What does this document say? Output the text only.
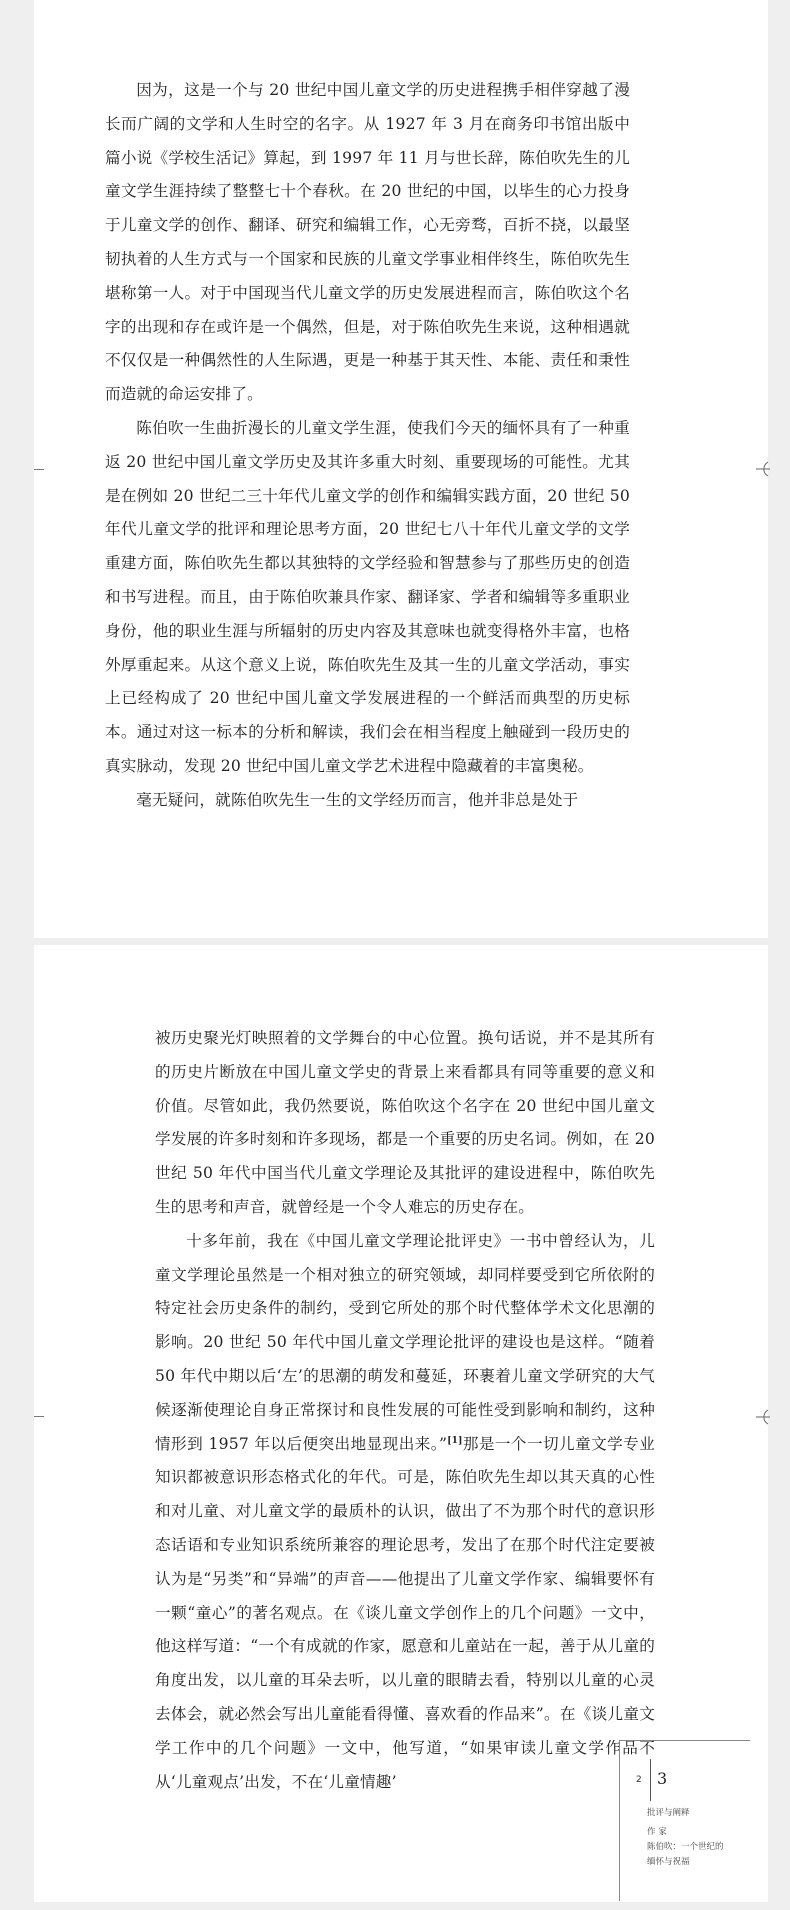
因为，这是一个与 20 世纪中国儿童文学的历史进程携手相伴穿越了漫长而广阔的文学和人生时空的名字。从 1927 年 3 月在商务印书馆出版中篇小说《学校生活记》算起，到 1997 年 11 月与世长辞，陈伯吹先生的儿童文学生涯持续了整整七十个春秋。在 20 世纪的中国，以毕生的心力投身于儿童文学的创作、翻译、研究和编辑工作，心无旁骛，百折不挠，以最坚韧执着的人生方式与一个国家和民族的儿童文学事业相伴终生，陈伯吹先生堪称第一人。对于中国现当代儿童文学的历史发展进程而言，陈伯吹这个名字的出现和存在或许是一个偶然，但是，对于陈伯吹先生来说，这种相遇就不仅仅是一种偶然性的人生际遇，更是一种基于其天性、本能、责任和秉性而造就的命运安排了。

陈伯吹一生曲折漫长的儿童文学生涯，使我们今天的缅怀具有了一种重返 20 世纪中国儿童文学历史及其许多重大时刻、重要现场的可能性。尤其是在例如 20 世纪二三十年代儿童文学的创作和编辑实践方面，20 世纪 50 年代儿童文学的批评和理论思考方面，20 世纪七八十年代儿童文学的文学重建方面，陈伯吹先生都以其独特的文学经验和智慧参与了那些历史的创造和书写进程。而且，由于陈伯吹兼具作家、翻译家、学者和编辑等多重职业身份，他的职业生涯与所辐射的历史内容及其意味也就变得格外丰富，也格外厚重起来。从这个意义上说，陈伯吹先生及其一生的儿童文学活动，事实上已经构成了 20 世纪中国儿童文学发展进程的一个鲜活而典型的历史标本。通过对这一标本的分析和解读，我们会在相当程度上触碰到一段历史的真实脉动，发现 20 世纪中国儿童文学艺术进程中隐藏着的丰富奥秘。

毫无疑问，就陈伯吹先生一生的文学经历而言，他并非总是处于

被历史聚光灯映照着的文学舞台的中心位置。换句话说，并不是其所有的历史片断放在中国儿童文学史的背景上来看都具有同等重要的意义和价值。尽管如此，我仍然要说，陈伯吹这个名字在 20 世纪中国儿童文学发展的许多时刻和许多现场，都是一个重要的历史名词。例如，在 20 世纪 50 年代中国当代儿童文学理论及其批评的建设进程中，陈伯吹先生的思考和声音，就曾经是一个令人难忘的历史存在。

十多年前，我在《中国儿童文学理论批评史》一书中曾经认为，儿童文学理论虽然是一个相对独立的研究领域，却同样要受到它所依附的特定社会历史条件的制约，受到它所处的那个时代整体学术文化思潮的影响。20 世纪 50 年代中国儿童文学理论批评的建设也是这样。“随着 50 年代中期以后‘左’的思潮的萌发和蔓延，环裹着儿童文学研究的大气候逐渐使理论自身正常探讨和良性发展的可能性受到影响和制约，这种情形到 1957 年以后便突出地显现出来。”[1]那是一个一切儿童文学专业知识都被意识形态格式化的年代。可是，陈伯吹先生却以其天真的心性和对儿童、对儿童文学的最质朴的认识，做出了不为那个时代的意识形态话语和专业知识系统所兼容的理论思考，发出了在那个时代注定要被认为是“另类”和“异端”的声音——他提出了儿童文学作家、编辑要怀有一颗“童心”的著名观点。在《谈儿童文学创作上的几个问题》一文中，他这样写道：“一个有成就的作家，愿意和儿童站在一起，善于从儿童的角度出发，以儿童的耳朵去听，以儿童的眼睛去看，特别以儿童的心灵去体会，就必然会写出儿童能看得懂、喜欢看的作品来”。在《谈儿童文学工作中的几个问题》一文中，他写道，“如果审读儿童文学作品不从‘儿童观点’出发，不在‘儿童情趣’	2 3
批评与阐释
作 家
陈伯吹：一个世纪的
缅怀与祝福
